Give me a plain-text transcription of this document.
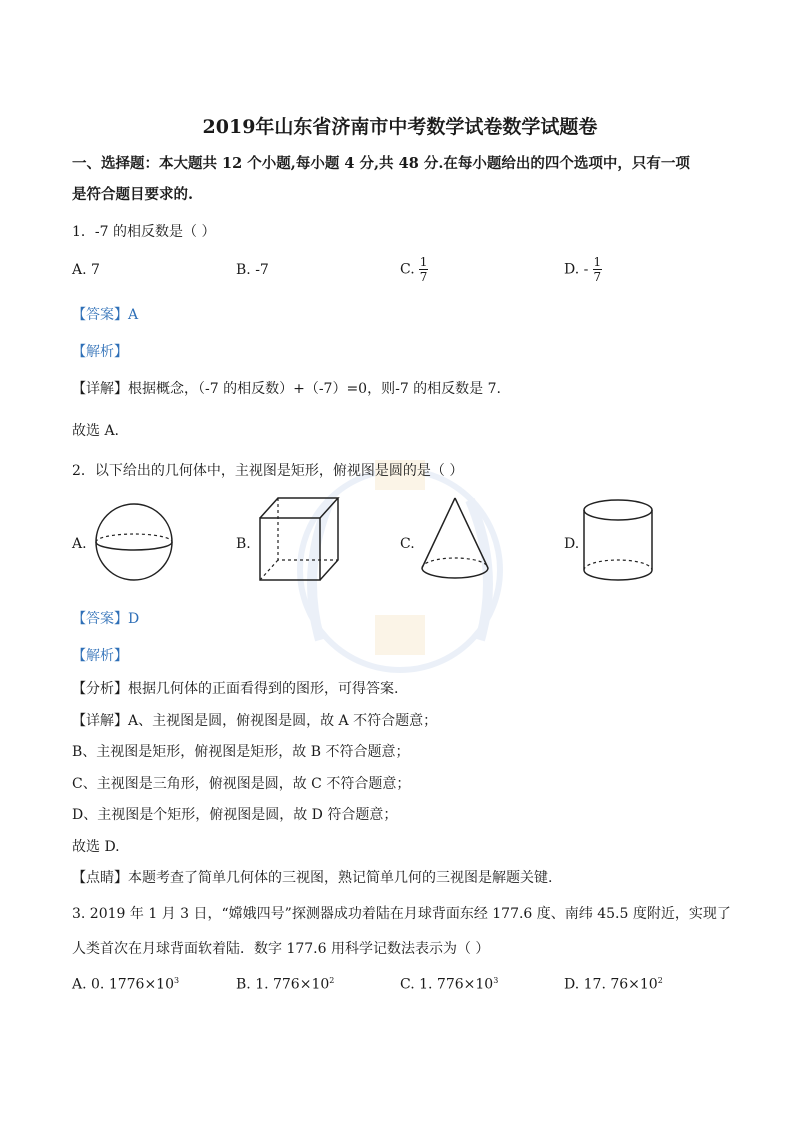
2019年山东省济南市中考数学试卷数学试题卷
一、选择题：本大题共 12 个小题,每小题 4 分,共 48 分.在每小题给出的四个选项中，只有一项
是符合题目要求的.
1．-7 的相反数是（ ）
A. 7	B. -7	C. $\frac{1}{7}$	D. - $\frac{1}{7}$
【答案】A
【解析】
【详解】根据概念，（-7 的相反数）+（-7）=0，则-7 的相反数是 7.
故选 A.
2．以下给出的几何体中，主视图是矩形，俯视图是圆的是（ ）
A.	B.	C.	D.
【答案】D
【解析】
【分析】根据几何体的正面看得到的图形，可得答案.
【详解】A、主视图是圆，俯视图是圆，故 A 不符合题意；
B、主视图是矩形，俯视图是矩形，故 B 不符合题意；
C、主视图是三角形，俯视图是圆，故 C 不符合题意；
D、主视图是个矩形，俯视图是圆，故 D 符合题意；
故选 D.
【点睛】本题考查了简单几何体的三视图，熟记简单几何的三视图是解题关键.
3. 2019 年 1 月 3 日，“嫦娥四号”探测器成功着陆在月球背面东经 177.6 度、南纬 45.5 度附近，实现了
人类首次在月球背面软着陆．数字 177.6 用科学记数法表示为（ ）
A. 0. $1776\times 10^3$	B. 1. $776\times 10^2$	C. 1. $776\times 10^3$	D. 17. $76\times 10^2$
